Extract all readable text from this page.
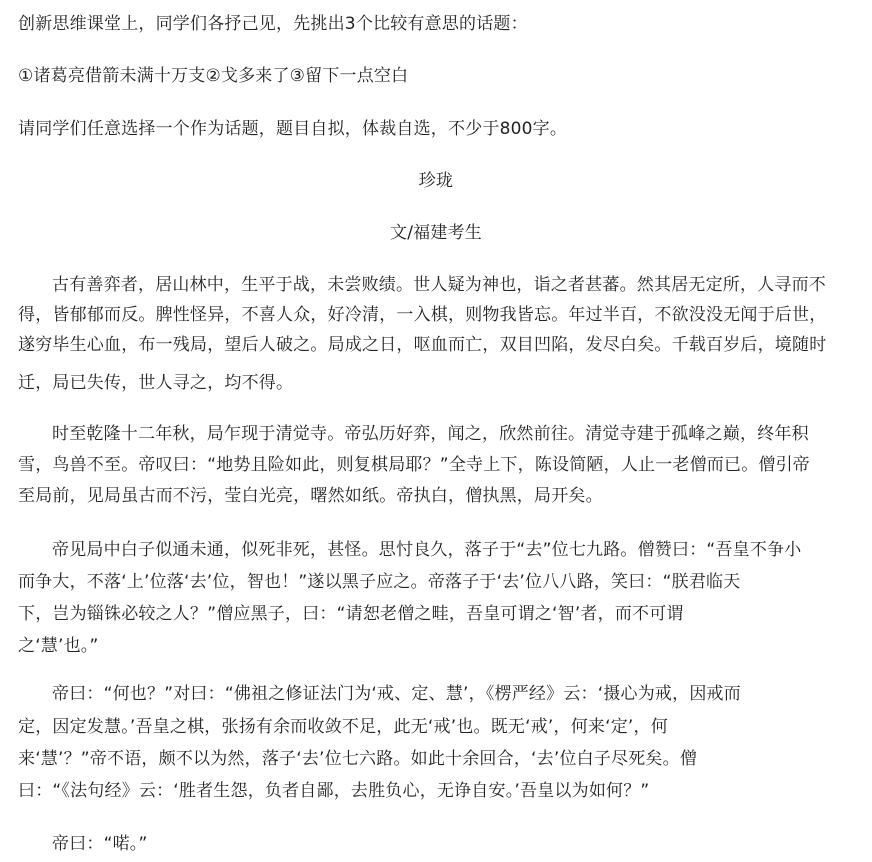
创新思维课堂上，同学们各抒己见，先挑出3个比较有意思的话题：
①诸葛亮借箭未满十万支②戈多来了③留下一点空白
请同学们任意选择一个作为话题，题目自拟，体裁自选，不少于800字。
珍珑
文/福建考生
古有善弈者，居山林中，生平于战，未尝败绩。世人疑为神也，诣之者甚蕃。然其居无定所，人寻而不
得，皆郁郁而反。脾性怪异，不喜人众，好冷清，一入棋，则物我皆忘。年过半百，不欲没没无闻于后世，
遂穷毕生心血，布一残局，望后人破之。局成之日，呕血而亡，双目凹陷，发尽白矣。千载百岁后，境随时
迁，局已失传，世人寻之，均不得。
时至乾隆十二年秋，局乍现于清觉寺。帝弘历好弈，闻之，欣然前往。清觉寺建于孤峰之巅，终年积
雪，鸟兽不至。帝叹曰：“地势且险如此，则复棋局耶？”全寺上下，陈设简陋，人止一老僧而已。僧引帝
至局前，见局虽古而不污，莹白光亮，曙然如纸。帝执白，僧执黑，局开矣。
帝见局中白子似通未通，似死非死，甚怪。思忖良久，落子于“去”位七九路。僧赞曰：“吾皇不争小
而争大，不落‘上’位落‘去’位，智也！”遂以黑子应之。帝落子于‘去’位八八路，笑曰：“朕君临天
下，岂为锱铢必较之人？”僧应黑子，曰：“请恕老僧之畦，吾皇可谓之‘智’者，而不可谓
之‘慧’也。”
帝曰：“何也？”对曰：“佛祖之修证法门为‘戒、定、慧’，《楞严经》云：‘摄心为戒，因戒而
定，因定发慧。’吾皇之棋，张扬有余而收敛不足，此无‘戒’也。既无‘戒’，何来‘定’，何
来‘慧’？”帝不语，颇不以为然，落子‘去’位七六路。如此十余回合，‘去’位白子尽死矣。僧
曰：“《法句经》云：‘胜者生怨，负者自鄙，去胜负心，无诤自安。’吾皇以为如何？”
帝曰：“喏。”
